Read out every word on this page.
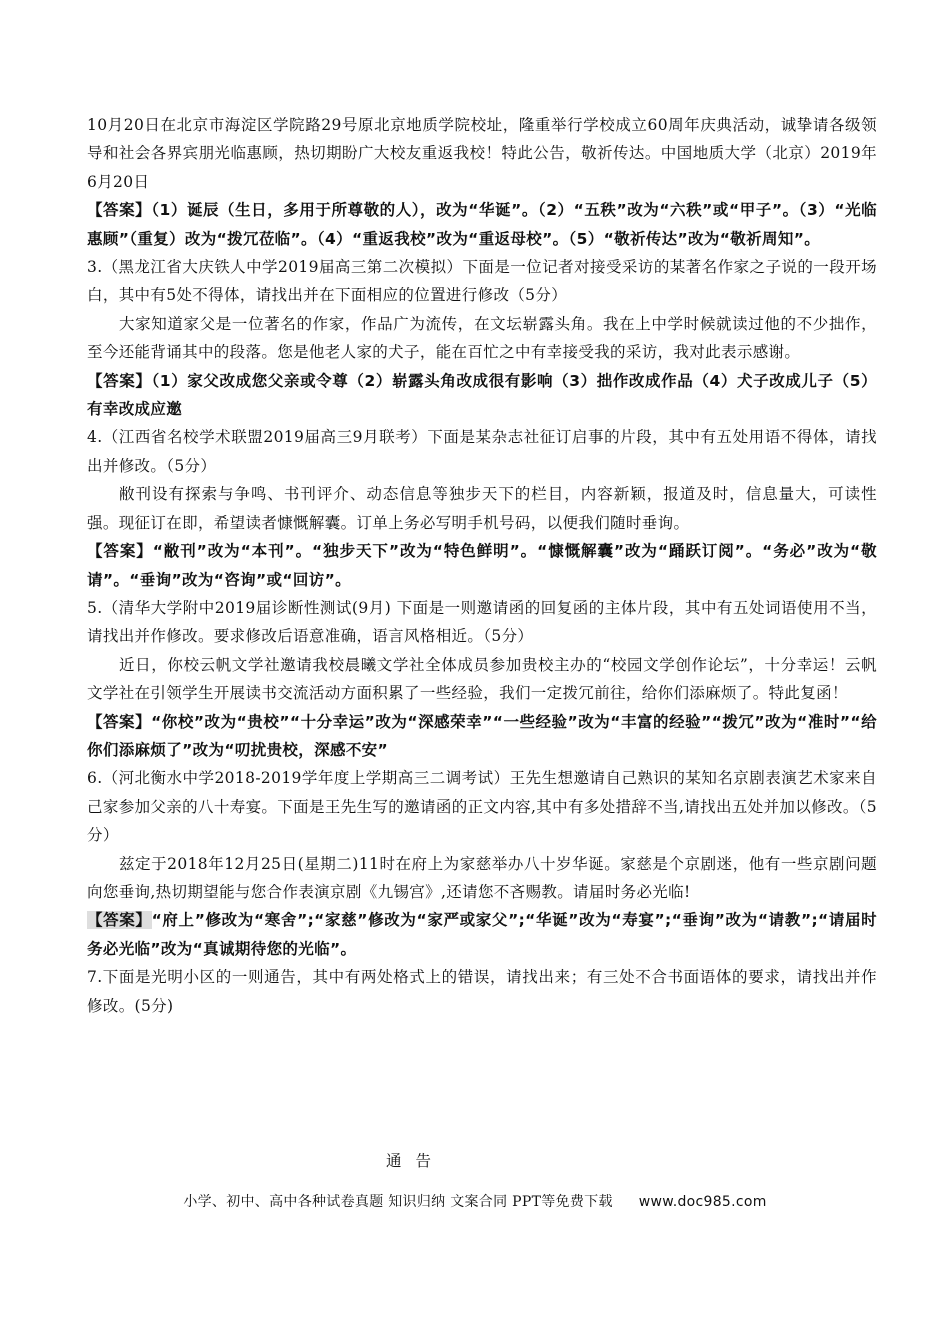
10月20日在北京市海淀区学院路29号原北京地质学院校址，隆重举行学校成立60周年庆典活动，诚挚请各级领导和社会各界宾朋光临惠顾，热切期盼广大校友重返我校！特此公告，敬祈传达。中国地质大学（北京）2019年6月20日

【答案】（1）诞辰（生日，多用于所尊敬的人），改为“华诞”。（2）“五秩”改为“六秩”或“甲子”。（3）“光临惠顾”（重复）改为“拨冗莅临”。（4）“重返我校”改为“重返母校”。（5）“敬祈传达”改为“敬祈周知”。

3.（黑龙江省大庆铁人中学2019届高三第二次模拟）下面是一位记者对接受采访的某著名作家之子说的一段开场白，其中有5处不得体，请找出并在下面相应的位置进行修改（5分）

大家知道家父是一位著名的作家，作品广为流传，在文坛崭露头角。我在上中学时候就读过他的不少拙作，至今还能背诵其中的段落。您是他老人家的犬子，能在百忙之中有幸接受我的采访，我对此表示感谢。

【答案】（1）家父改成您父亲或令尊（2）崭露头角改成很有影响（3）拙作改成作品（4）犬子改成儿子（5）有幸改成应邀

4.（江西省名校学术联盟2019届高三9月联考）下面是某杂志社征订启事的片段，其中有五处用语不得体，请找出并修改。（5分）

敝刊设有探索与争鸣、书刊评介、动态信息等独步天下的栏目，内容新颖，报道及时，信息量大，可读性强。现征订在即，希望读者慷慨解囊。订单上务必写明手机号码，以便我们随时垂询。

【答案】“敝刊”改为“本刊”。“独步天下”改为“特色鲜明”。“慷慨解囊”改为“踊跃订阅”。“务必”改为“敬请”。“垂询”改为“咨询”或“回访”。

5.（清华大学附中2019届诊断性测试(9月) 下面是一则邀请函的回复函的主体片段，其中有五处词语使用不当，请找出并作修改。要求修改后语意准确，语言风格相近。（5分）

近日，你校云帆文学社邀请我校晨曦文学社全体成员参加贵校主办的“校园文学创作论坛”，十分幸运！云帆文学社在引领学生开展读书交流活动方面积累了一些经验，我们一定拨冗前往，给你们添麻烦了。特此复函！

【答案】“你校”改为“贵校”“十分幸运”改为“深感荣幸”“一些经验”改为“丰富的经验”“拨冗”改为“准时”“给你们添麻烦了”改为“叨扰贵校，深感不安”

6.（河北衡水中学2018-2019学年度上学期高三二调考试）王先生想邀请自己熟识的某知名京剧表演艺术家来自己家参加父亲的八十寿宴。下面是王先生写的邀请函的正文内容,其中有多处措辞不当,请找出五处并加以修改。（5分）

兹定于2018年12月25日(星期二)11时在府上为家慈举办八十岁华诞。家慈是个京剧迷，他有一些京剧问题向您垂询,热切期望能与您合作表演京剧《九锡宫》,还请您不吝赐教。请届时务必光临!

【答案】“府上”修改为“寒舍”;“家慈”修改为“家严或家父”;“华诞”改为“寿宴”;“垂询”改为“请教”;“请届时务必光临”改为“真诚期待您的光临”。

7.下面是光明小区的一则通告，其中有两处格式上的错误，请找出来；有三处不合书面语体的要求，请找出并作修改。(5分)

通告
小学、初中、高中各种试卷真题 知识归纳 文案合同 PPT等免费下载 www.doc985.com
